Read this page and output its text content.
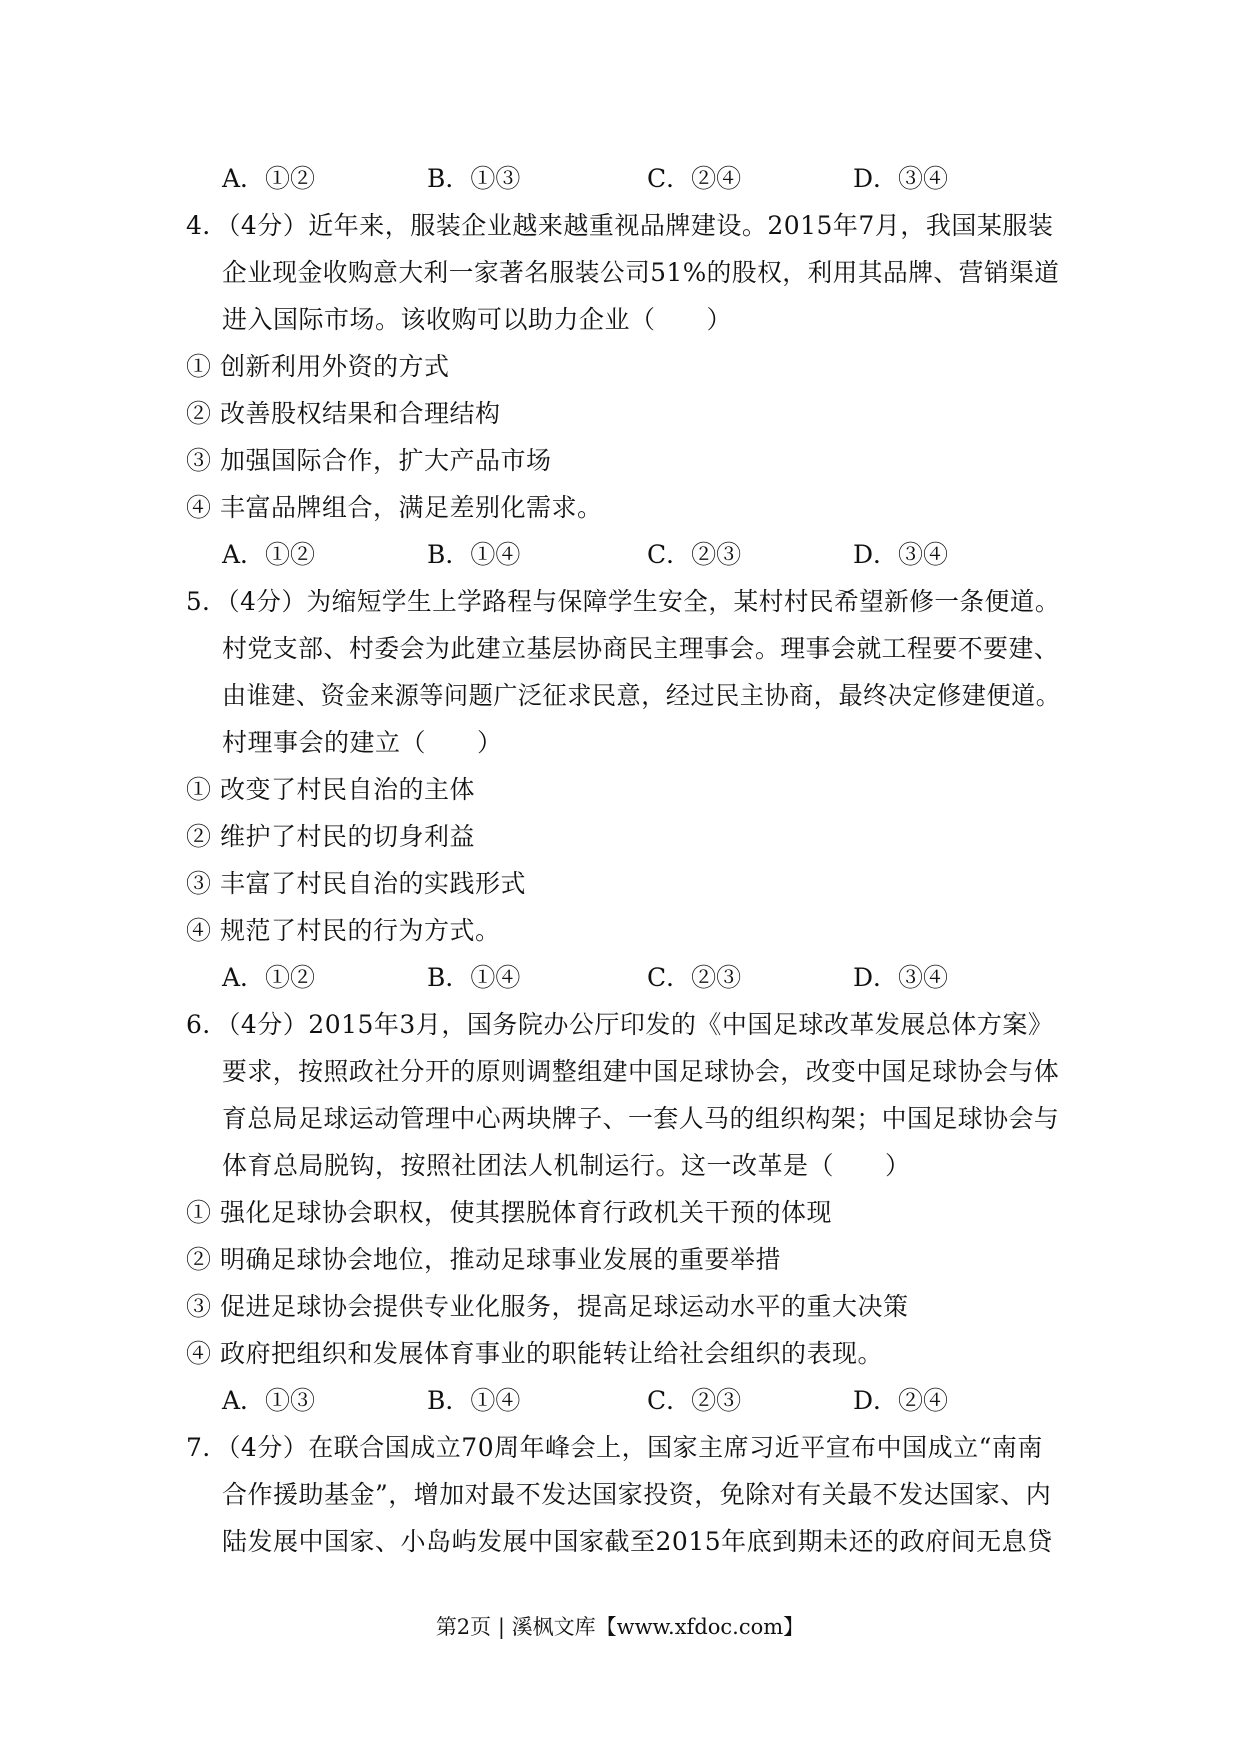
A．①②	B．①③	C．②④	D．③④
4．（4分）近年来，服装企业越来越重视品牌建设。2015年7月，我国某服装
企业现金收购意大利一家著名服装公司51%的股权，利用其品牌、营销渠道
进入国际市场。该收购可以助力企业（　　）
① 创新利用外资的方式
② 改善股权结果和合理结构
③ 加强国际合作，扩大产品市场
④ 丰富品牌组合，满足差别化需求。
A．①②	B．①④	C．②③	D．③④
5．（4分）为缩短学生上学路程与保障学生安全，某村村民希望新修一条便道。
村党支部、村委会为此建立基层协商民主理事会。理事会就工程要不要建、
由谁建、资金来源等问题广泛征求民意，经过民主协商，最终决定修建便道。
村理事会的建立（　　）
① 改变了村民自治的主体
② 维护了村民的切身利益
③ 丰富了村民自治的实践形式
④ 规范了村民的行为方式。
A．①②	B．①④	C．②③	D．③④
6．（4分）2015年3月，国务院办公厅印发的《中国足球改革发展总体方案》
要求，按照政社分开的原则调整组建中国足球协会，改变中国足球协会与体
育总局足球运动管理中心两块牌子、一套人马的组织构架；中国足球协会与
体育总局脱钩，按照社团法人机制运行。这一改革是（　　）
① 强化足球协会职权，使其摆脱体育行政机关干预的体现
② 明确足球协会地位，推动足球事业发展的重要举措
③ 促进足球协会提供专业化服务，提高足球运动水平的重大决策
④ 政府把组织和发展体育事业的职能转让给社会组织的表现。
A．①③	B．①④	C．②③	D．②④
7．（4分）在联合国成立70周年峰会上，国家主席习近平宣布中国成立“南南
合作援助基金”，增加对最不发达国家投资，免除对有关最不发达国家、内
陆发展中国家、小岛屿发展中国家截至2015年底到期未还的政府间无息贷
第2页 | 溪枫文库【www.xfdoc.com】
